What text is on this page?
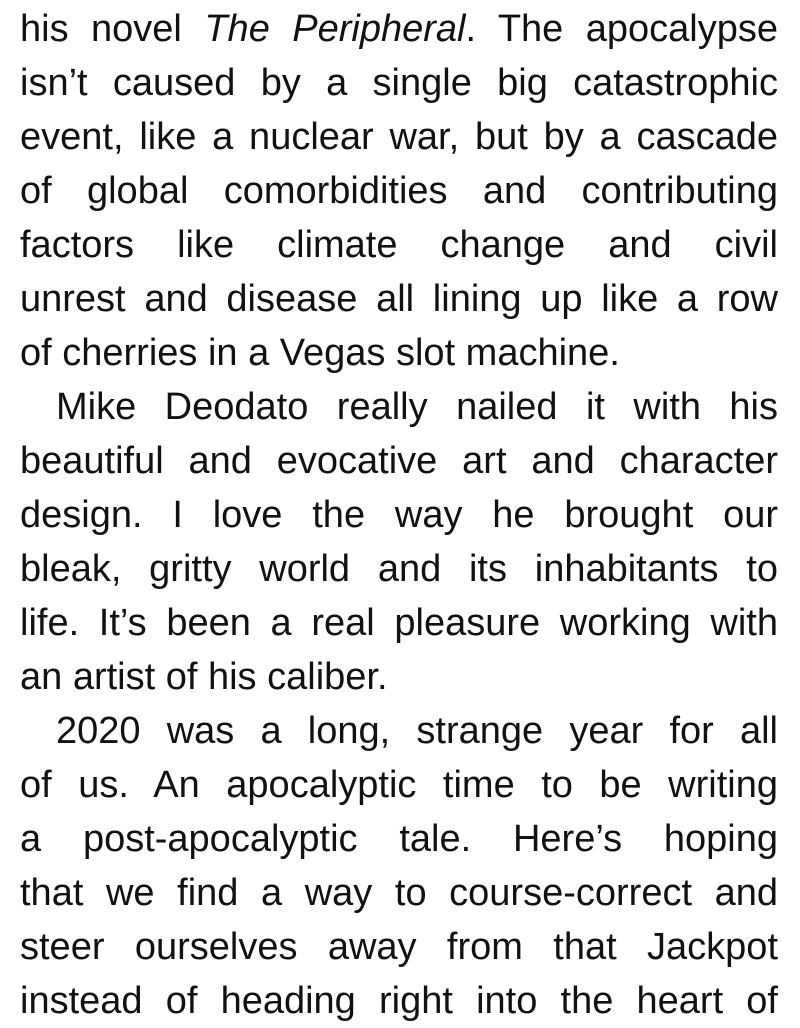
his novel The Peripheral. The apocalypse
isn’t caused by a single big catastrophic
event, like a nuclear war, but by a cascade
of global comorbidities and contributing
factors like climate change and civil
unrest and disease all lining up like a row
of cherries in a Vegas slot machine.
Mike Deodato really nailed it with his
beautiful and evocative art and character
design. I love the way he brought our
bleak, gritty world and its inhabitants to
life. It’s been a real pleasure working with
an artist of his caliber.
2020 was a long, strange year for all
of us. An apocalyptic time to be writing
a post-apocalyptic tale. Here’s hoping
that we find a way to course-correct and
steer ourselves away from that Jackpot
instead of heading right into the heart of
